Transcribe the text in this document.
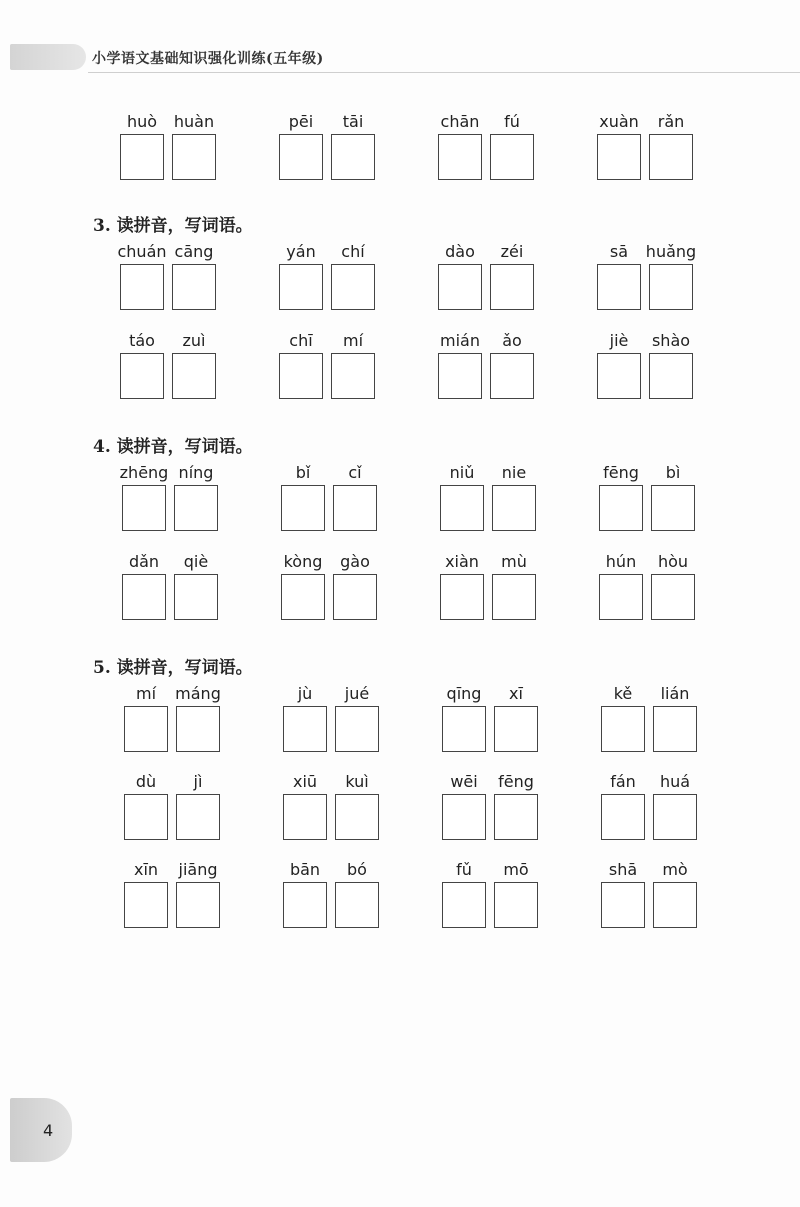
小学语文基础知识强化训练(五年级)
huò huàn	pēi tāi	chān fú	xuàn rǎn
3. 读拼音，写词语。
chuán cāng	yán chí	dào zéi	sā huǎng
táo zuì	chī mí	mián ǎo	jiè shào
4. 读拼音，写词语。
zhēng níng	bǐ cǐ	niǔ nie	fēng bì
dǎn qiè	kòng gào	xiàn mù	hún hòu
5. 读拼音，写词语。
mí máng	jù jué	qīng xī	kě lián
dù jì	xiū kuì	wēi fēng	fán huá
xīn jiāng	bān bó	fǔ mō	shā mò
4
